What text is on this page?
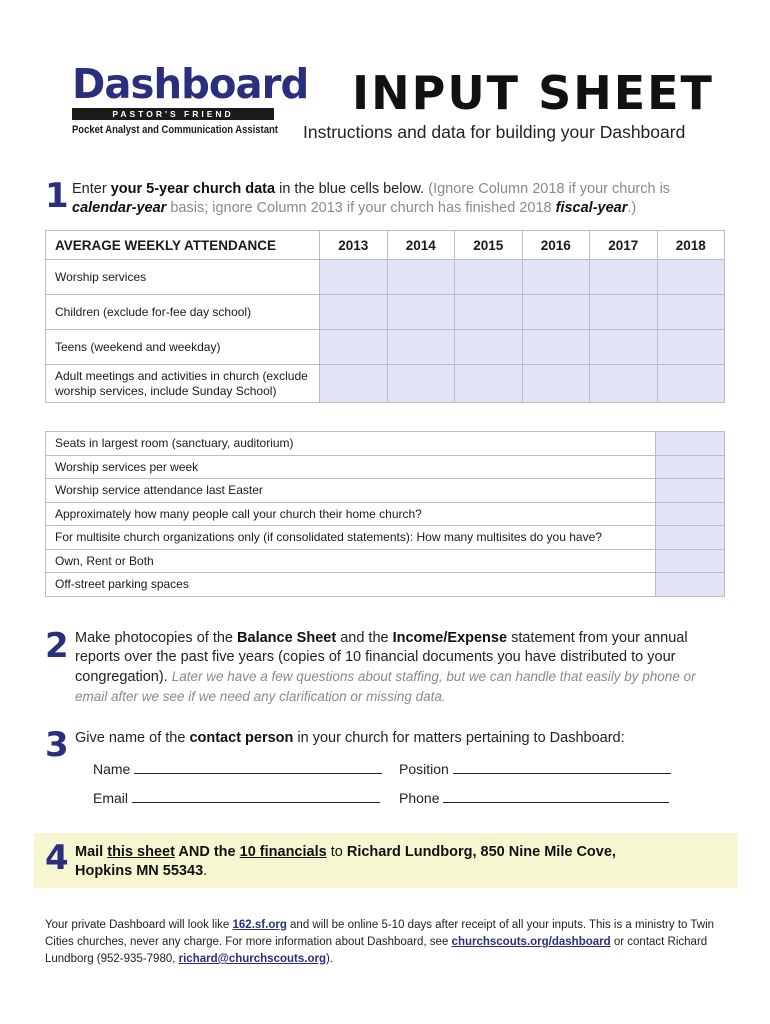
Dashboard
PASTOR'S FRIEND
Pocket Analyst and Communication Assistant
INPUT SHEET
Instructions and data for building your Dashboard
1 Enter your 5-year church data in the blue cells below. (Ignore Column 2018 if your church is calendar-year basis; ignore Column 2013 if your church has finished 2018 fiscal-year.)
AVERAGE WEEKLY ATTENDANCE	2013	2014	2015	2016	2017	2018
Worship services						
Children (exclude for-fee day school)						
Teens (weekend and weekday)						
Adult meetings and activities in church (exclude worship services, include Sunday School)						
Seats in largest room (sanctuary, auditorium)	
Worship services per week	
Worship service attendance last Easter	
Approximately how many people call your church their home church?	
For multisite church organizations only (if consolidated statements): How many multisites do you have?	
Own, Rent or Both	
Off-street parking spaces	
2 Make photocopies of the Balance Sheet and the Income/Expense statement from your annual reports over the past five years (copies of 10 financial documents you have distributed to your congregation). Later we have a few questions about staffing, but we can handle that easily by phone or email after we see if we need any clarification or missing data.
3 Give name of the contact person in your church for matters pertaining to Dashboard:
Name	Position
Email	Phone
4 Mail this sheet AND the 10 financials to Richard Lundborg, 850 Nine Mile Cove,
Hopkins MN 55343.
Your private Dashboard will look like 162.sf.org and will be online 5-10 days after receipt of all your inputs. This is a ministry to Twin Cities churches, never any charge. For more information about Dashboard, see churchscouts.org/dashboard or contact Richard Lundborg (952-935-7980, richard@churchscouts.org).
